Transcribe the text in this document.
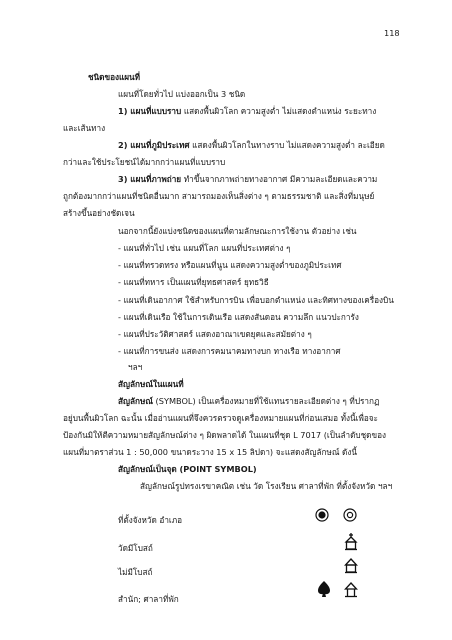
118
ชนิดของแผนที่
แผนที่โดยทั่วไป แบ่งออกเป็น 3 ชนิด
1) แผนที่แบบราบ แสดงพื้นผิวโลก ความสูงต่ำ ไม่แสดงตำแหน่ง ระยะทาง
และเส้นทาง
2) แผนที่ภูมิประเทศ แสดงพื้นผิวโลกในทางราบ ไม่แสดงความสูงต่ำ ละเอียด
กว่าและใช้ประโยชน์ได้มากกว่าแผนที่แบบราบ
3) แผนที่ภาพถ่าย ทำขึ้นจากภาพถ่ายทางอากาศ มีความละเอียดและความ
ถูกต้องมากกว่าแผนที่ชนิดอื่นมาก สามารถมองเห็นสิ่งต่าง ๆ ตามธรรมชาติ และสิ่งที่มนุษย์
สร้างขึ้นอย่างชัดเจน
นอกจากนี้ยังแบ่งชนิดของแผนที่ตามลักษณะการใช้งาน ตัวอย่าง เช่น
- แผนที่ทั่วไป เช่น แผนที่โลก แผนที่ประเทศต่าง ๆ
- แผนที่ทรวดทรง หรือแผนที่นูน แสดงความสูงต่ำของภูมิประเทศ
- แผนที่ทหาร เป็นแผนที่ยุทธศาสตร์ ยุทธวิธี
- แผนที่เดินอากาศ ใช้สำหรับการบิน เพื่อบอกตำแหน่ง และทิศทางของเครื่องบิน
- แผนที่เดินเรือ ใช้ในการเดินเรือ แสดงสันดอน ความลึก แนวปะการัง
- แผนที่ประวัติศาสตร์ แสดงอาณาเขตยุคและสมัยต่าง ๆ
- แผนที่การขนส่ง แสดงการคมนาคมทางบก ทางเรือ ทางอากาศ
ฯลฯ
สัญลักษณ์ในแผนที่
สัญลักษณ์ (SYMBOL) เป็นเครื่องหมายที่ใช้แทนรายละเอียดต่าง ๆ ที่ปรากฏ
อยู่บนพื้นผิวโลก ฉะนั้น เมื่ออ่านแผนที่จึงควรตรวจดูเครื่องหมายแผนที่ก่อนเสมอ ทั้งนี้เพื่อจะ
ป้องกันมิให้ตีความหมายสัญลักษณ์ต่าง ๆ ผิดพลาดได้ ในแผนที่ชุด L 7017 (เป็นลำดับชุดของ
แผนที่มาตราส่วน 1 : 50,000 ขนาดระวาง 15 x 15 ลิปดา) จะแสดงสัญลักษณ์ ดังนี้
สัญลักษณ์เป็นจุด (POINT SYMBOL)
สัญลักษณ์รูปทรงเรขาคณิต เช่น วัด โรงเรียน ศาลาที่พัก ที่ตั้งจังหวัด ฯลฯ
ที่ตั้งจังหวัด อำเภอ
วัดมีโบสถ์
ไม่มีโบสถ์
สำนัก; ศาลาที่พัก
